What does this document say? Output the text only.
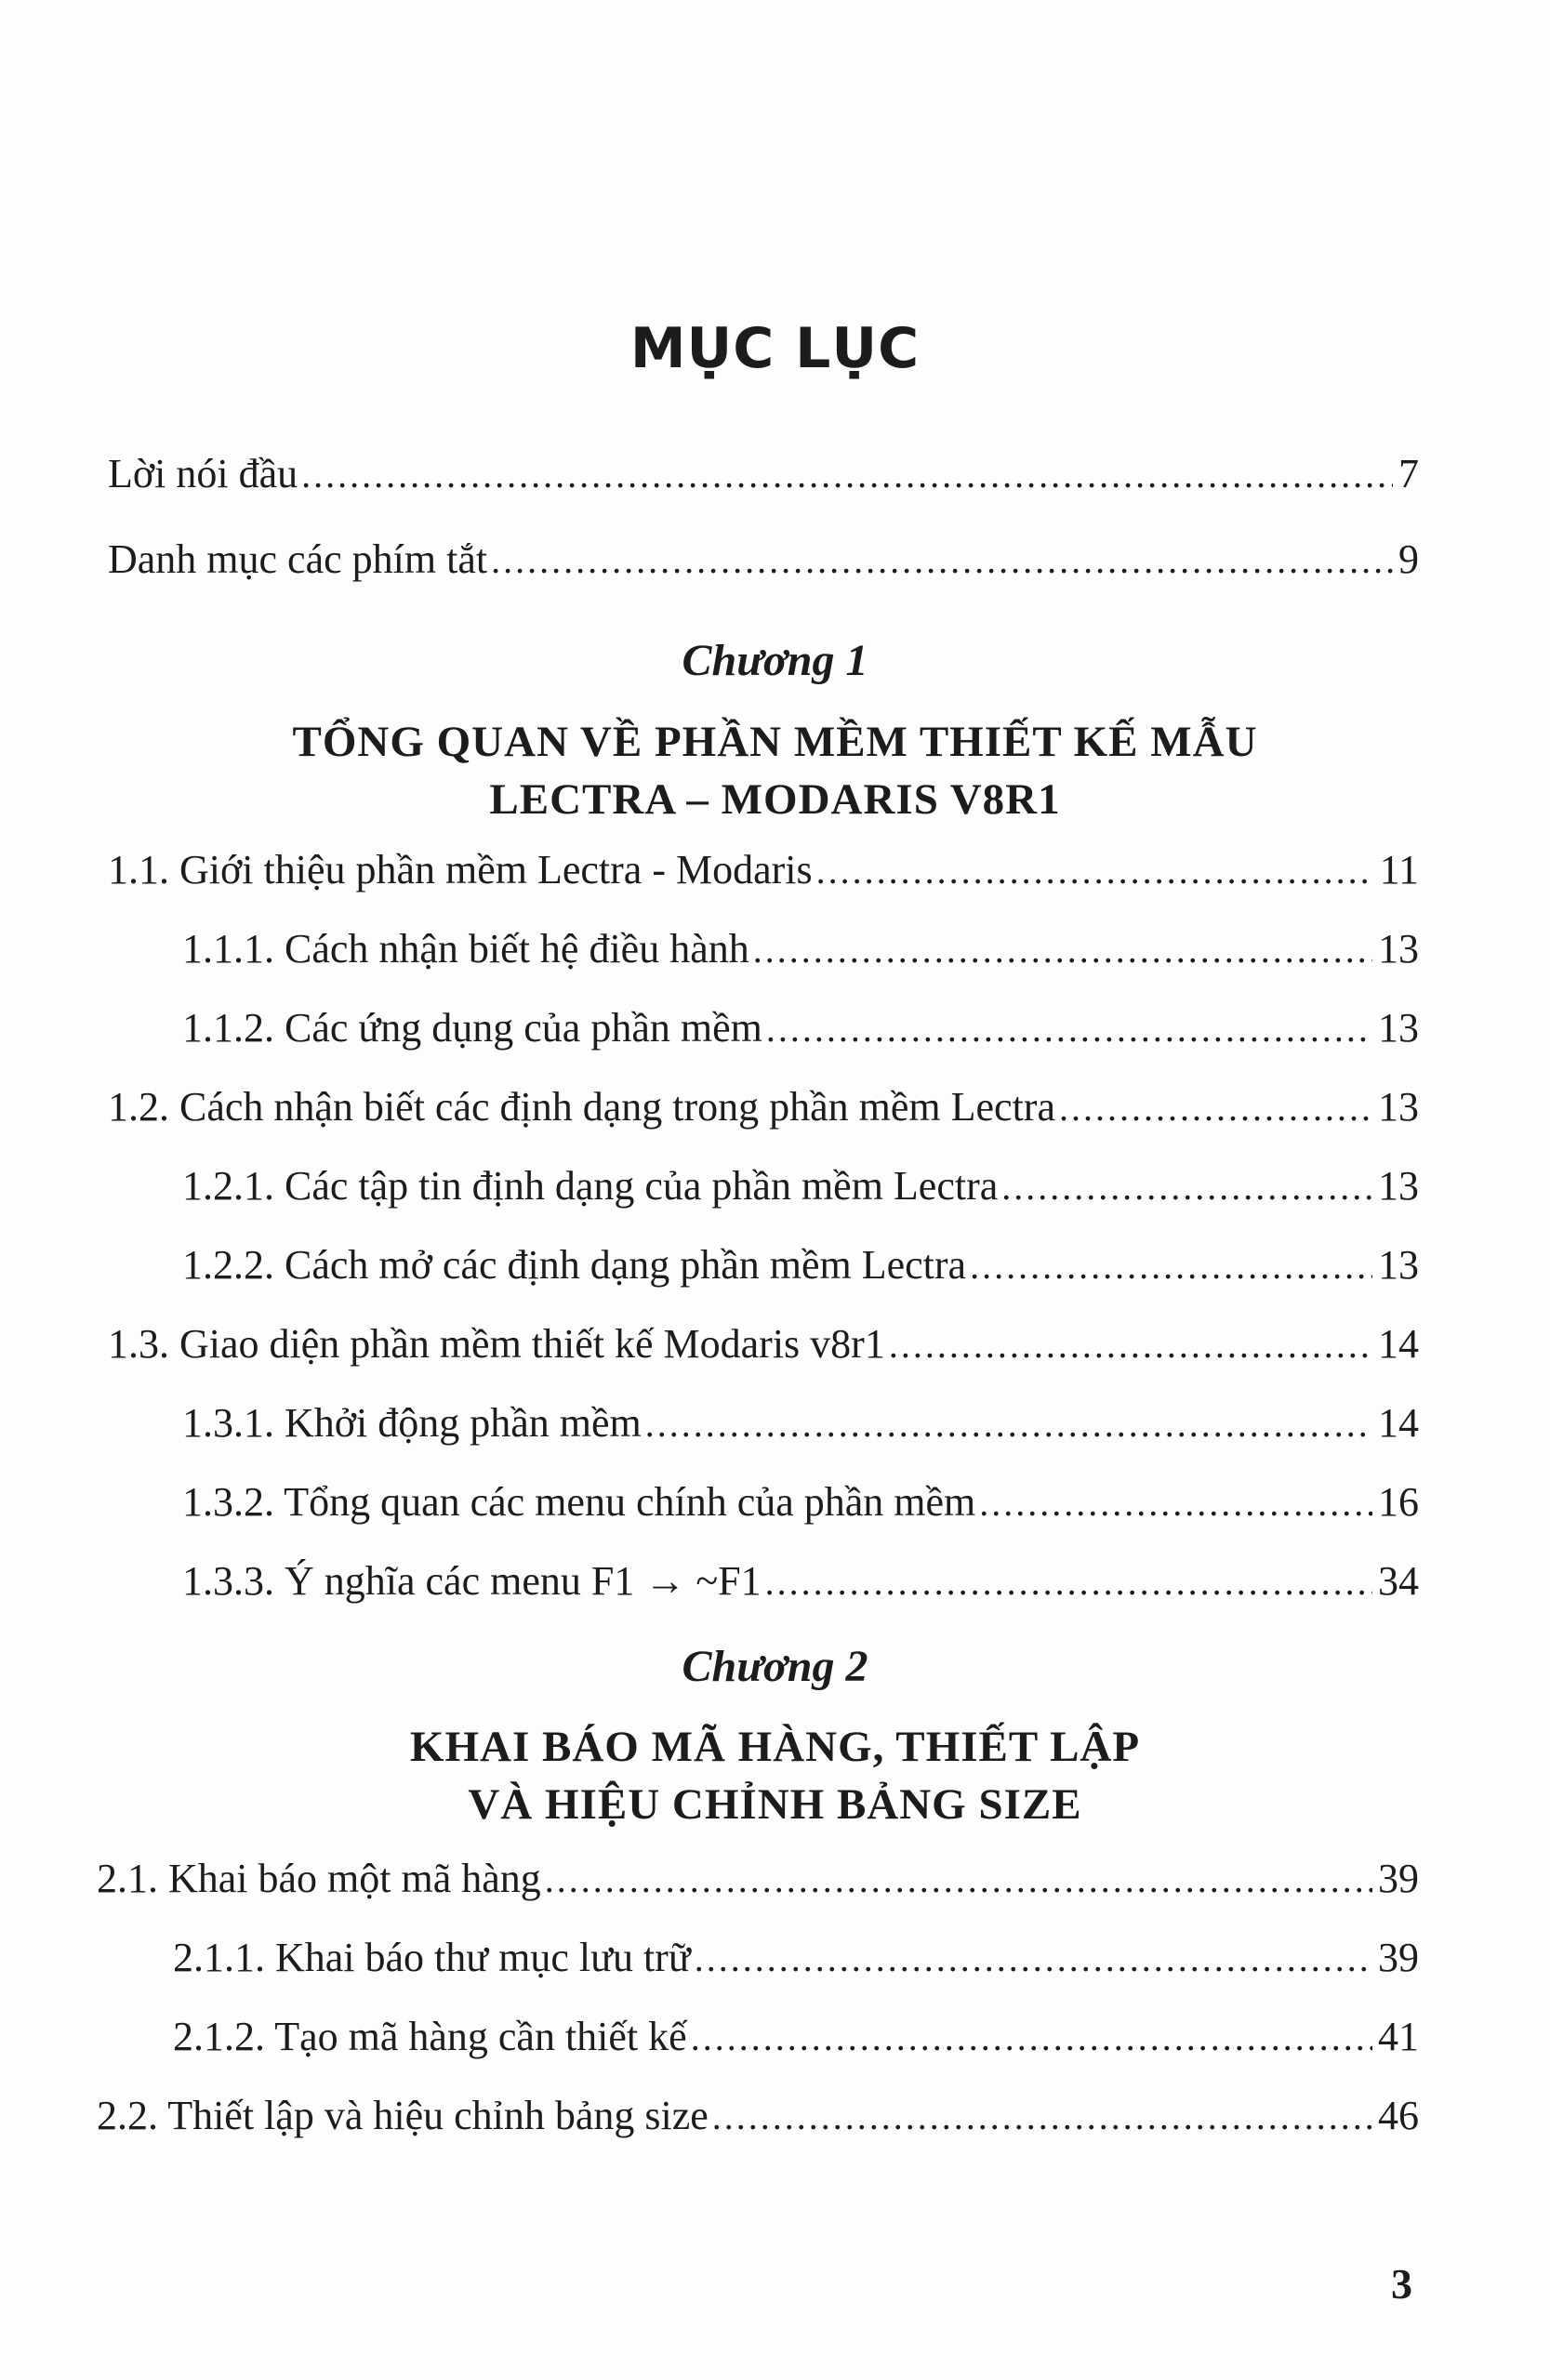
MỤC LỤC
Lời nói đầu .....	7
Danh mục các phím tắt .....	9

Chương 1

TỔNG QUAN VỀ PHẦN MỀM THIẾT KẾ MẪU

LECTRA – MODARIS V8R1

1.1. Giới thiệu phần mềm Lectra - Modaris .....	11
1.1.1. Cách nhận biết hệ điều hành .....	13
1.1.2. Các ứng dụng của phần mềm .....	13
1.2. Cách nhận biết các định dạng trong phần mềm Lectra .....	13
1.2.1. Các tập tin định dạng của phần mềm Lectra .....	13
1.2.2. Cách mở các định dạng phần mềm Lectra .....	13
1.3. Giao diện phần mềm thiết kế Modaris v8r1 .....	14
1.3.1. Khởi động phần mềm .....	14
1.3.2. Tổng quan các menu chính của phần mềm .....	16
1.3.3. Ý nghĩa các menu F1 → ~F1 .....	34

Chương 2

KHAI BÁO MÃ HÀNG, THIẾT LẬP

VÀ HIỆU CHỈNH BẢNG SIZE

2.1. Khai báo một mã hàng .....	39
2.1.1. Khai báo thư mục lưu trữ .....	39
2.1.2. Tạo mã hàng cần thiết kế .....	41
2.2. Thiết lập và hiệu chỉnh bảng size .....	46
3
